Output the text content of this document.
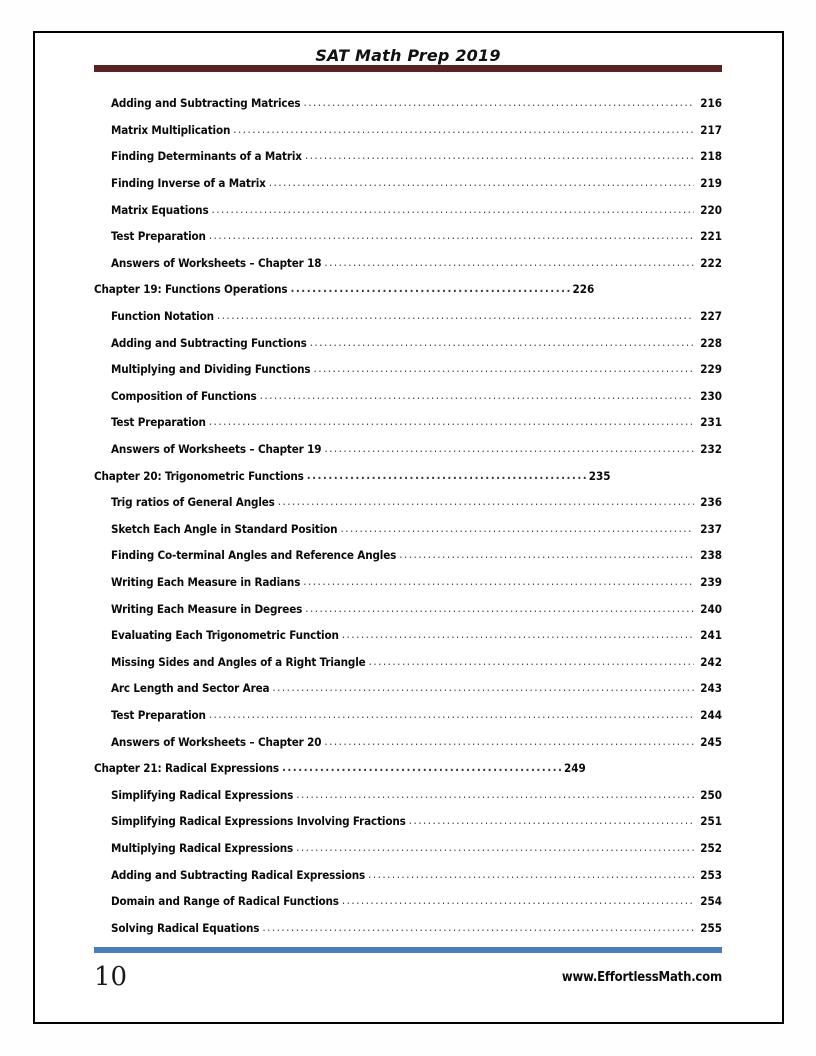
SAT Math Prep 2019
Adding and Subtracting Matrices .....	216
Matrix Multiplication .....	217
Finding Determinants of a Matrix .....	218
Finding Inverse of a Matrix .....	219
Matrix Equations .....	220
Test Preparation .....	221
Answers of Worksheets – Chapter 18 .....	222
Chapter 19: Functions Operations .....	226
Function Notation .....	227
Adding and Subtracting Functions .....	228
Multiplying and Dividing Functions .....	229
Composition of Functions .....	230
Test Preparation .....	231
Answers of Worksheets – Chapter 19 .....	232
Chapter 20: Trigonometric Functions .....	235
Trig ratios of General Angles .....	236
Sketch Each Angle in Standard Position .....	237
Finding Co-terminal Angles and Reference Angles .....	238
Writing Each Measure in Radians .....	239
Writing Each Measure in Degrees .....	240
Evaluating Each Trigonometric Function .....	241
Missing Sides and Angles of a Right Triangle .....	242
Arc Length and Sector Area .....	243
Test Preparation .....	244
Answers of Worksheets – Chapter 20 .....	245
Chapter 21: Radical Expressions .....	249
Simplifying Radical Expressions .....	250
Simplifying Radical Expressions Involving Fractions .....	251
Multiplying Radical Expressions .....	252
Adding and Subtracting Radical Expressions .....	253
Domain and Range of Radical Functions .....	254
Solving Radical Equations .....	255
10	www.EffortlessMath.com
